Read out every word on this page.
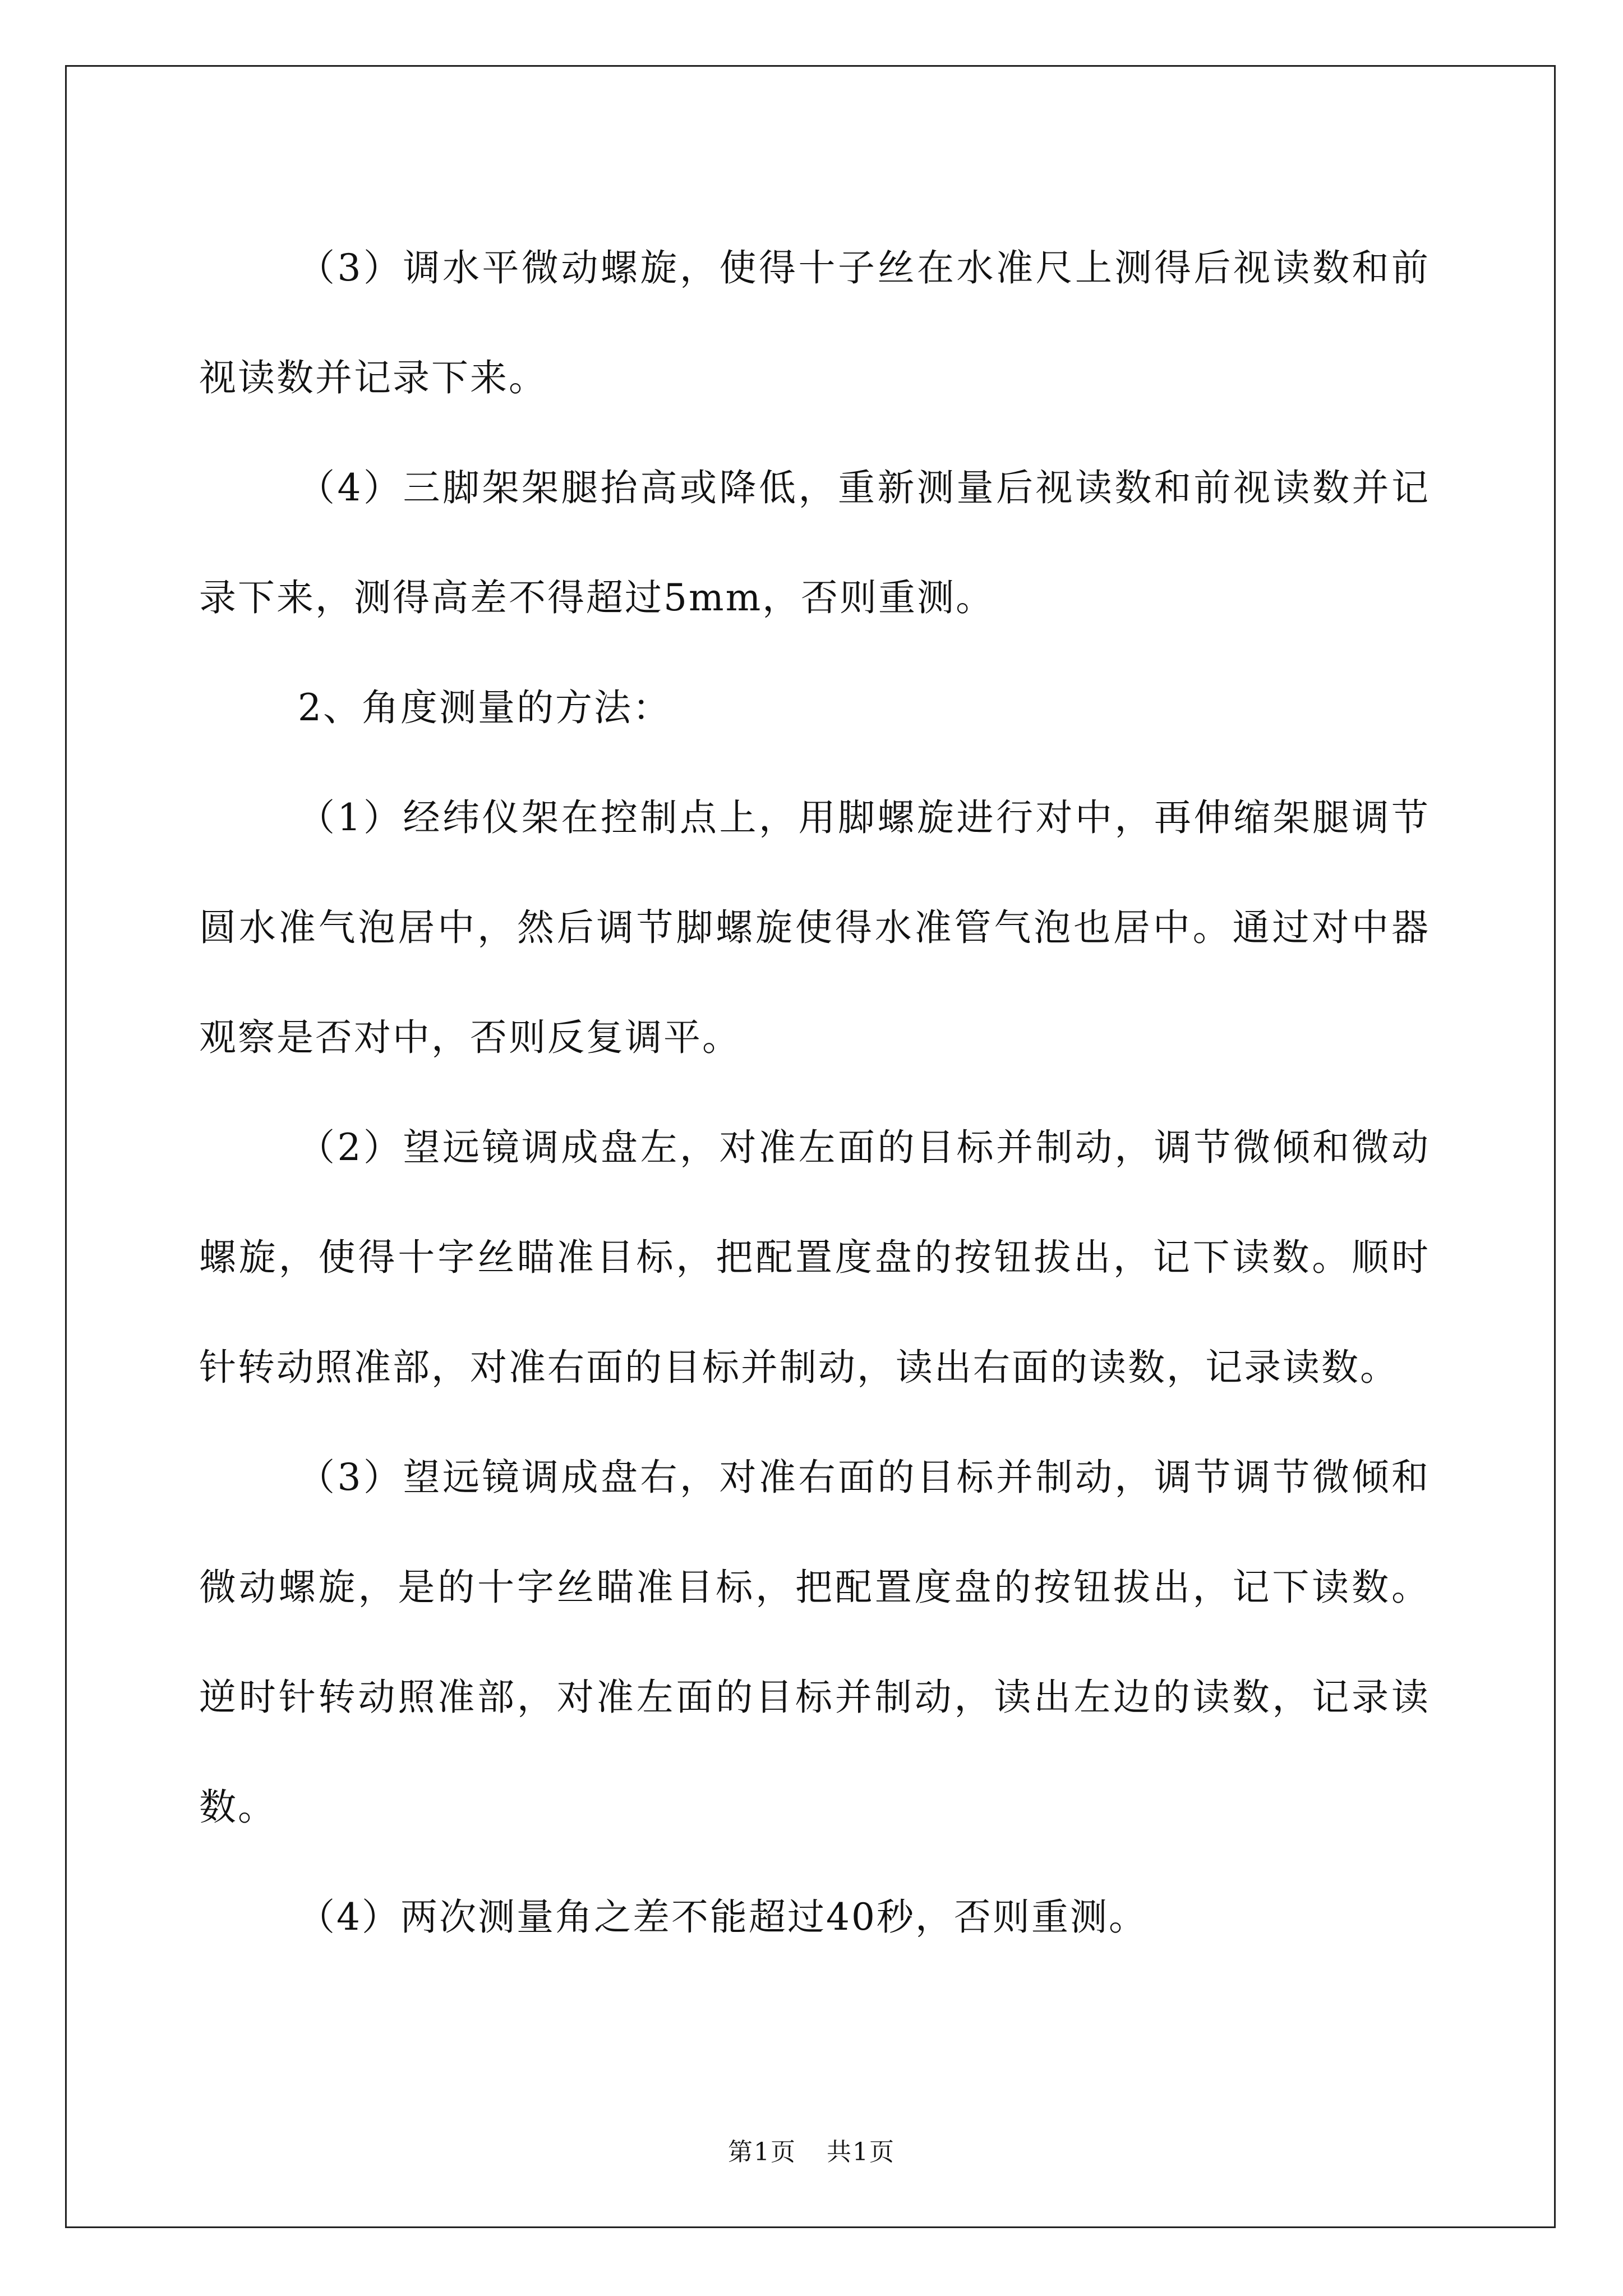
（3）调水平微动螺旋，使得十子丝在水准尺上测得后视读数和前视读数并记录下来。

（4）三脚架架腿抬高或降低，重新测量后视读数和前视读数并记录下来，测得高差不得超过5mm，否则重测。

2、角度测量的方法：

（1）经纬仪架在控制点上，用脚螺旋进行对中，再伸缩架腿调节圆水准气泡居中，然后调节脚螺旋使得水准管气泡也居中。通过对中器观察是否对中，否则反复调平。

（2）望远镜调成盘左，对准左面的目标并制动，调节微倾和微动螺旋，使得十字丝瞄准目标，把配置度盘的按钮拔出，记下读数。顺时针转动照准部，对准右面的目标并制动，读出右面的读数，记录读数。

（3）望远镜调成盘右，对准右面的目标并制动，调节调节微倾和微动螺旋，是的十字丝瞄准目标，把配置度盘的按钮拔出，记下读数。逆时针转动照准部，对准左面的目标并制动，读出左边的读数，记录读数。

（4）两次测量角之差不能超过40秒，否则重测。

第1页 共1页
